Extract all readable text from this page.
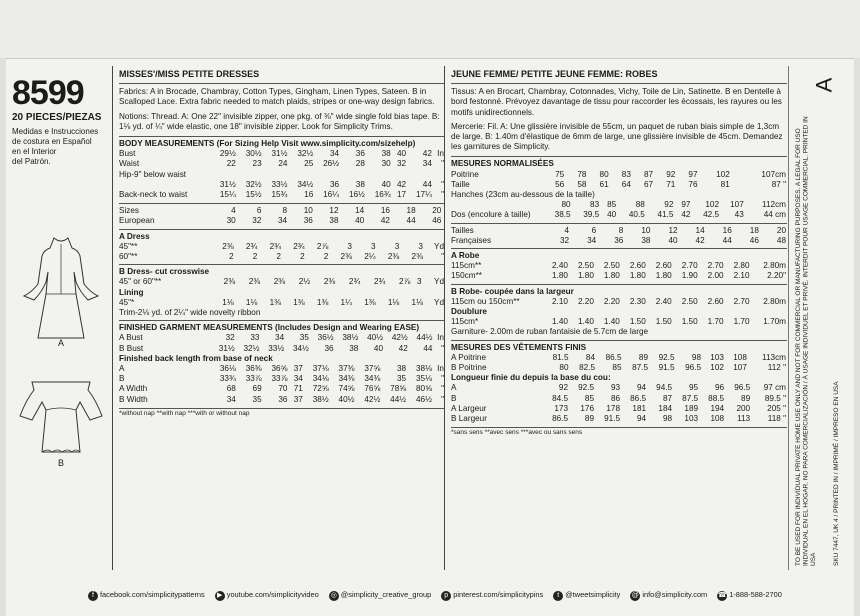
8599
20 PIECES/PIEZAS
Medidas e Instrucciones
de costura en Español
en el Interior
del Patrón.
A
B
MISSES'/MISS PETITE DRESSES
Fabrics: A in Brocade, Chambray, Cotton Types, Gingham, Linen Types, Sateen. B in Scalloped Lace. Extra fabric needed to match plaids, stripes or one-way design fabrics.
Notions: Thread. A: One 22" invisible zipper, one pkg. of ⅜" wide single fold bias tape. B: 1⅛ yd. of ¼" wide elastic, one 18" invisible zipper. Look for Simplicity Trims.
BODY MEASUREMENTS (For Sizing Help Visit www.simplicity.com/sizehelp)
Bust	29½	30½	31½	32½	34	36	38	40	42	In
Waist	22	23	24	25	26½	28	30	32	34	"
Hip-9" below waist										
	31½	32½	33½	34½	36	38	40	42	44	"
Back-neck to waist	15¼	15½	15¾	16	16¼	16½	16¾	17	17¼	"
Sizes	4	6	8	10	12	14	16	18	20	
European	30	32	34	36	38	40	42	44	46	
A Dress
45"**	2⅜	2¾	2¾	2¾	2⅞	3	3	3	3	Yd
60"**	2	2	2	2	2	2⅜	2¼	2⅜	2⅜	"
B Dress- cut crosswise
45" or 60"**	2⅜	2⅜	2⅜	2½	2⅜	2¾	2¾	2⅞	3	Yd
Lining
45"*	1⅛	1⅛	1⅜	1⅜	1⅜	1¼	1⅜	1⅛	1⅛	Yd
Trim-2⅛ yd. of 2¼" wide novelty ribbon
FINISHED GARMENT MEASUREMENTS (Includes Design and Wearing EASE)
A Bust	32	33	34	35	36½	38½	40½	42½	44½	In
B Bust	31½	32½	33½	34½	36	38	40	42	44	"
Finished back length from base of neck
A	36⅛	36⅜	36⅝	37	37⅛	37⅜	37⅝	38	38⅛	In
B	33¾	33⅞	33⅞	34	34⅛	34⅜	34⅜	35	35⅛	"
A Width	68	69	70	71	72⅝	74⅝	76⅝	78⅝	80⅝	"
B Width	34	35	36	37	38½	40½	42½	44½	46½	"
*without nap **with nap ***with or without nap
JEUNE FEMME/ PETITE JEUNE FEMME: ROBES
Tissus: A en Brocart, Chambray, Cotonnades, Vichy, Toile de Lin, Satinette. B en Dentelle à bord festonné. Prévoyez davantage de tissu pour raccorder les écossais, les rayures ou les motifs unidirectionnels.
Mercerie: Fil. A: Une glissière invisible de 55cm, un paquet de ruban biais simple de 1,3cm de large. B: 1.40m d'élastique de 6mm de large, une glissière invisible de 45cm. Demandez les garnitures de Simplicity.
MESURES NORMALISÉES
Poitrine	75	78	80	83	87	92	97	102	107cm
Taille	56	58	61	64	67	71	76	81	87 "
Hanches (23cm au-dessous de la taille)
	80	83	85	88	92	97	102	107	112cm
Dos (encolure à taille)	38.5	39.5	40	40.5	41.5	42	42.5	43	44 cm
Tailles	4	6	8	10	12	14	16	18	20
Françaises	32	34	36	38	40	42	44	46	48
A Robe
115cm**	2.40	2.50	2.50	2.60	2.60	2.70	2.70	2.80	2.80m
150cm**	1.80	1.80	1.80	1.80	1.80	1.90	2.00	2.10	2.20"
B Robe- coupée dans la largeur
115cm ou 150cm**	2.10	2.20	2.20	2.30	2.40	2.50	2.60	2.70	2.80m
Doublure
115cm*	1.40	1.40	1.40	1.50	1.50	1.50	1.70	1.70	1.70m
Garniture- 2.00m de ruban fantaisie de 5.7cm de large
MESURES DES VÊTEMENTS FINIS
A Poitrine	81.5	84	86.5	89	92.5	98	103	108	113cm
B Poitrine	80	82.5	85	87.5	91.5	96.5	102	107	112 "
Longueur finie du depuis la base du cou:
A	92	92.5	93	94	94.5	95	96	96.5	97 cm
B	84.5	85	86	86.5	87	87.5	88.5	89	89.5 "
A Largeur	173	176	178	181	184	189	194	200	205 "
B Largeur	86.5	89	91.5	94	98	103	108	113	118 "
*sans sens **avec sens ***avec ou sans sens
A
TO BE USED FOR INDIVIDUAL PRIVATE HOME USE ONLY AND NOT FOR COMMERCIAL OR MANUFACTURING PURPOSES. A LEGAL FOR USO INDIVIDUAL EN EL HOGAR. NO PARA COMERCIALIZACIÓN / À USAGE INDIVIDUEL ET PRIVÉ. INTERDIT POUR USAGE COMMERCIAL. PRINTED IN USA SKU 7447, UK 4 / PRINTED IN / IMPRIMÉ / IMPRESO EN USA
f facebook.com/simplicitypatterns	▶ youtube.com/simplicityvideo ◎ @simplicity_creative_group	p pinterest.com/simplicitypins	t @tweetsimplicity @ info@simplicity.com ☎ 1-888-588-2700
